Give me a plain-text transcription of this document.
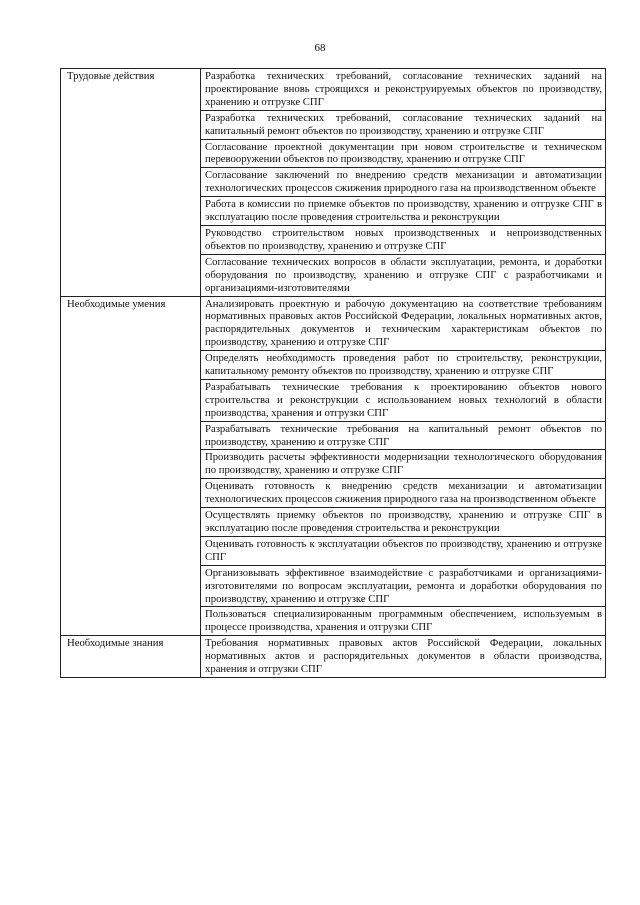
68
Трудовые действия	Разработка технических требований, согласование технических заданий на проектирование вновь строящихся и реконструируемых объектов по производству, хранению и отгрузке СПГ
	Разработка технических требований, согласование технических заданий на капитальный ремонт объектов по производству, хранению и отгрузке СПГ
	Согласование проектной документации при новом строительстве и техническом перевооружении объектов по производству, хранению и отгрузке СПГ
	Согласование заключений по внедрению средств механизации и автоматизации технологических процессов сжижения природного газа на производственном объекте
	Работа в комиссии по приемке объектов по производству, хранению и отгрузке СПГ в эксплуатацию после проведения строительства и реконструкции
	Руководство строительством новых производственных и непроизводственных объектов по производству, хранению и отгрузке СПГ
	Согласование технических вопросов в области эксплуатации, ремонта, и доработки оборудования по производству, хранению и отгрузке СПГ с разработчиками и организациями-изготовителями
Необходимые умения	Анализировать проектную и рабочую документацию на соответствие требованиям нормативных правовых актов Российской Федерации, локальных нормативных актов, распорядительных документов и техническим характеристикам объектов по производству, хранению и отгрузке СПГ
	Определять необходимость проведения работ по строительству, реконструкции, капитальному ремонту объектов по производству, хранению и отгрузке СПГ
	Разрабатывать технические требования к проектированию объектов нового строительства и реконструкции с использованием новых технологий в области производства, хранения и отгрузки СПГ
	Разрабатывать технические требования на капитальный ремонт объектов по производству, хранению и отгрузке СПГ
	Производить расчеты эффективности модернизации технологического оборудования по производству, хранению и отгрузке СПГ
	Оценивать готовность к внедрению средств механизации и автоматизации технологических процессов сжижения природного газа на производственном объекте
	Осуществлять приемку объектов по производству, хранению и отгрузке СПГ в эксплуатацию после проведения строительства и реконструкции
	Оценивать готовность к эксплуатации объектов по производству, хранению и отгрузке СПГ
	Организовывать эффективное взаимодействие с разработчиками и организациями-изготовителями по вопросам эксплуатации, ремонта и доработки оборудования по производству, хранению и отгрузке СПГ
	Пользоваться специализированным программным обеспечением, используемым в процессе производства, хранения и отгрузки СПГ
Необходимые знания	Требования нормативных правовых актов Российской Федерации, локальных нормативных актов и распорядительных документов в области производства, хранения и отгрузки СПГ
